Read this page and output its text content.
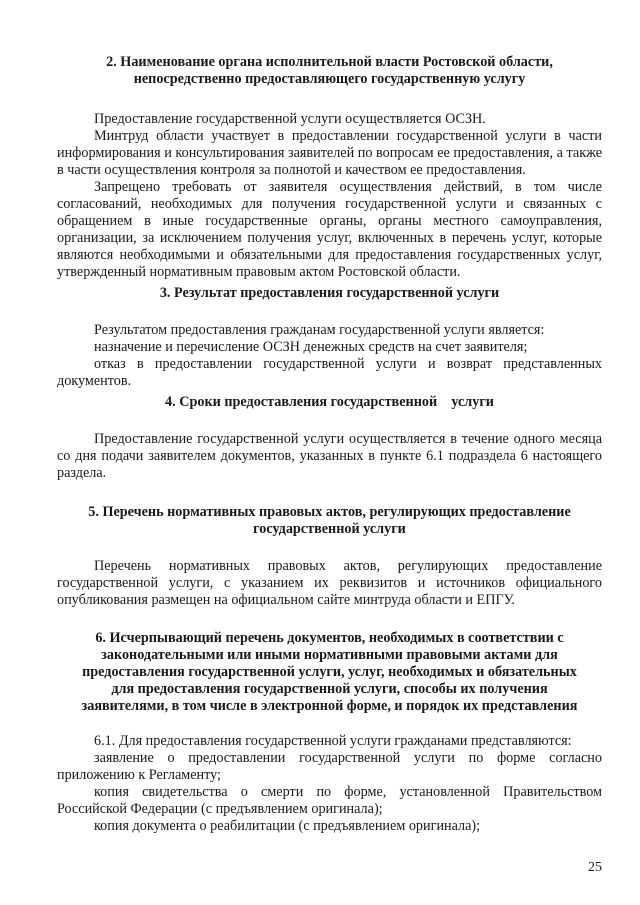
2. Наименование органа исполнительной власти Ростовской области,
непосредственно предоставляющего государственную услугу

Предоставление государственной услуги осуществляется ОСЗН.

Минтруд области участвует в предоставлении государственной услуги в части информирования и консультирования заявителей по вопросам ее предоставления, а также в части осуществления контроля за полнотой и качеством ее предоставления.

Запрещено требовать от заявителя осуществления действий, в том числе согласований, необходимых для получения государственной услуги и связанных с обращением в иные государственные органы, органы местного самоуправления, организации, за исключением получения услуг, включенных в перечень услуг, которые являются необходимыми и обязательными для предоставления государственных услуг, утвержденный нормативным правовым актом Ростовской области.

3. Результат предоставления государственной услуги

Результатом предоставления гражданам государственной услуги является:

назначение и перечисление ОСЗН денежных средств на счет заявителя;

отказ в предоставлении государственной услуги и возврат представленных документов.

4. Сроки предоставления государственной    услуги

Предоставление государственной услуги осуществляется в течение одного месяца со дня подачи заявителем документов, указанных в пункте 6.1 подраздела 6 настоящего раздела.

5. Перечень нормативных правовых актов, регулирующих предоставление
государственной услуги

Перечень нормативных правовых актов, регулирующих предоставление государственной услуги, с указанием их реквизитов и источников официального опубликования размещен на официальном сайте минтруда области и ЕПГУ.

6. Исчерпывающий перечень документов, необходимых в соответствии с
законодательными или иными нормативными правовыми актами для
предоставления государственной услуги, услуг, необходимых и обязательных
для предоставления государственной услуги, способы их получения
заявителями, в том числе в электронной форме, и порядок их представления

6.1. Для предоставления государственной услуги гражданами представляются:

заявление о предоставлении государственной услуги по форме согласно приложению к Регламенту;

копия свидетельства о смерти по форме, установленной Правительством Российской Федерации (с предъявлением оригинала);

копия документа о реабилитации (с предъявлением оригинала);

25
